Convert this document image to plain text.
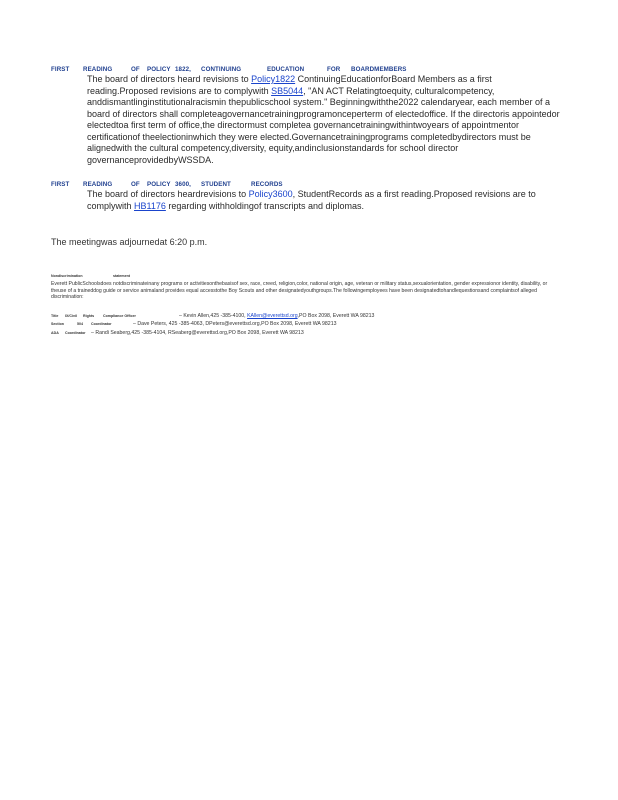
FIRST READING	OF POLICY 1822, CONTINUING	EDUCATION	FOR BOARDMEMBERS
The board of directors heard revisions to Policy1822 ContinuingEducationforBoard Members as a first reading.Proposed revisions are to complywith SB5044, "AN ACT Relatingtoequity, culturalcompetency, anddismantlinginstitutionalracismin thepublicschool system." Beginningwiththe2022 calendaryear, each member of a board of directors shall completeagovernancetrainingprogramonceperterm of electedoffice. If the directoris appointedor electedtoa first term of office,the directormust completea governancetrainingwithintwoyears of appointmentor certificationof theelectioninwhich they were elected.Governancetrainingprograms completedbydirectors must be alignedwith the cultural competency,diversity, equity,andinclusionstandards for school director governanceprovidedbyWSSDA.
FIRST READING	OF POLICY 3600, STUDENT	RECORDS
The board of directors heardrevisions to Policy3600, StudentRecords as a first reading.Proposed revisions are to complywith HB1176 regarding withholdingof transcripts and diplomas.
The meetingwas adjournedat 6:20 p.m.
Nondiscrimination	statement
Everett PublicSchoolsdoes notdiscriminateinany programs or activitiesonthebasisof sex, race, creed, religion,color, national origin, age, veteran or military status,sexualorientation, gender expressionor identity, disability, or theuse of a traineddog guide or service animaland provides equal accesstothe Boy Scouts and other designatedyouthgroups.The followingemployees have been designatedtohandlequestionsand complaintsof alleged discrimination:
Title IX/Civil Rights Compliance Officer	– Kevin Allen,425 -385-4100, KAllen@everettsd.org,PO Box 2098, Everett WA 98213
Section	504 Coordinator	– Dave Peters, 425 -385-4063, DPeters@everettsd.org,PO Box 2098, Everett WA 98213
ADA Coordinator – Randi Seaberg,425 -385-4104, RSeaberg@everettsd.org,PO Box 2098, Everett WA 98213
